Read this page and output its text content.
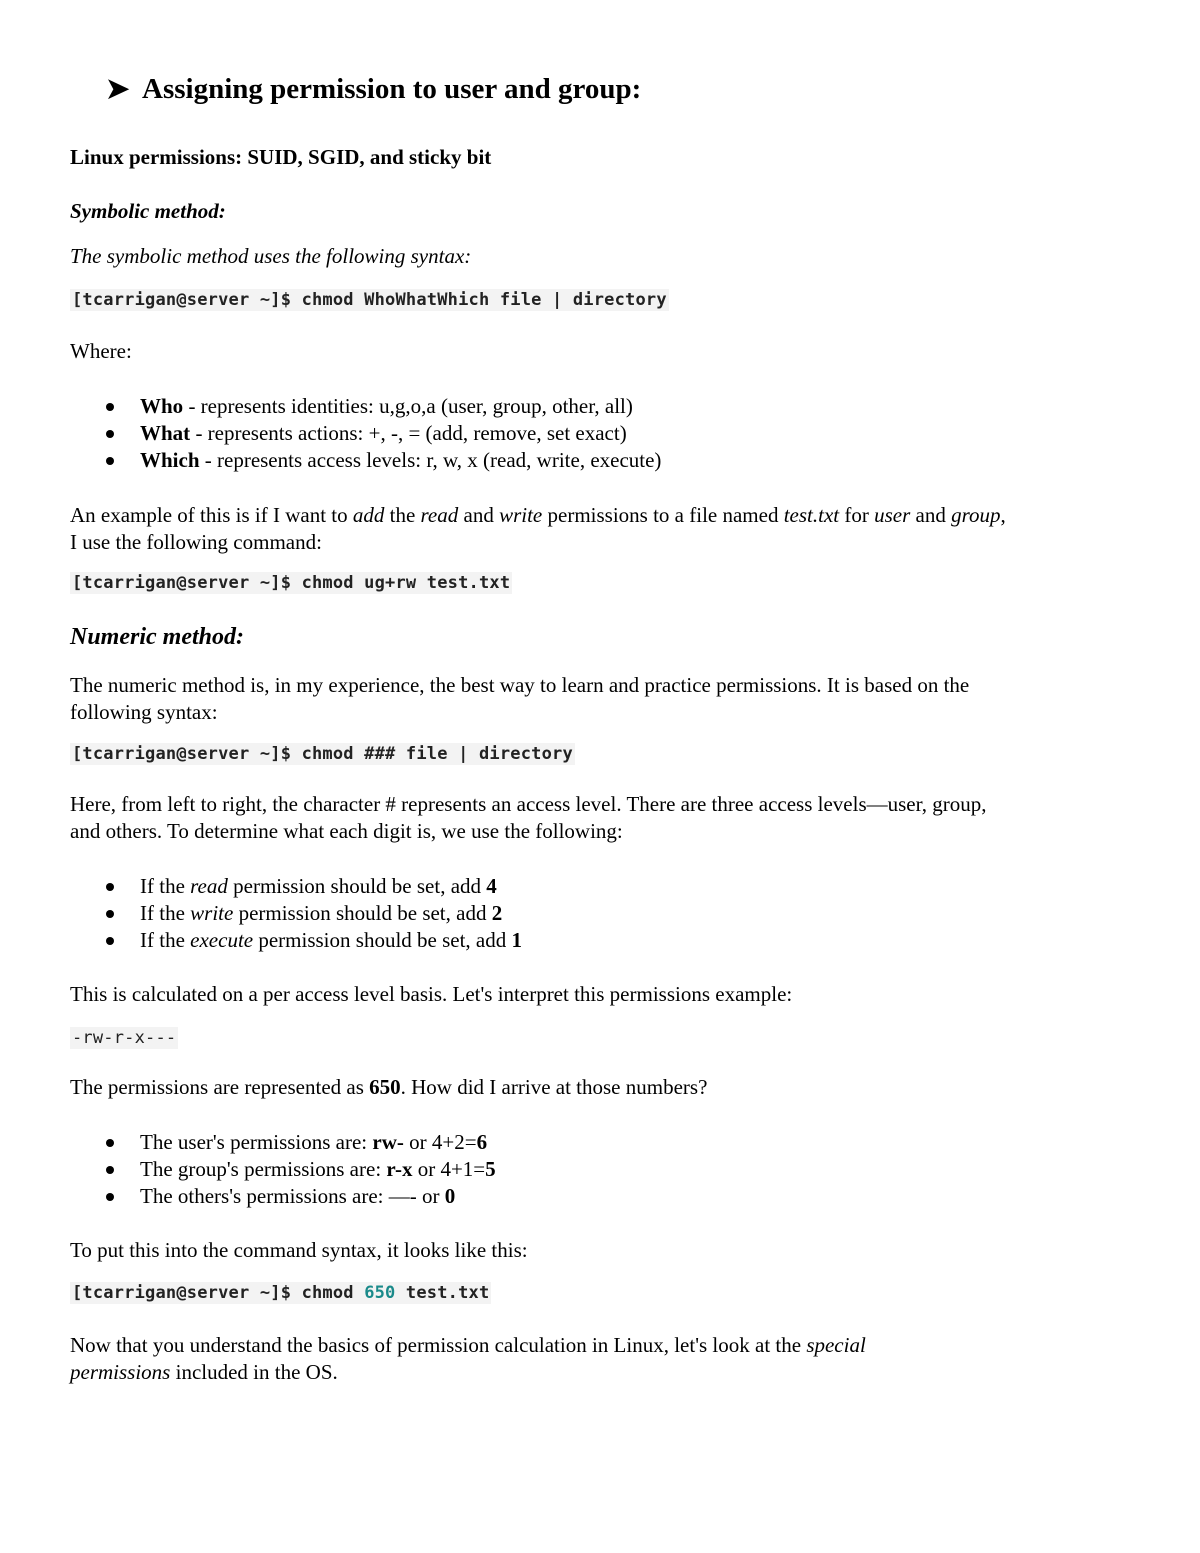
➤ Assigning permission to user and group:
Linux permissions: SUID, SGID, and sticky bit
Symbolic method:
The symbolic method uses the following syntax:
[tcarrigan@server ~]$ chmod WhoWhatWhich file | directory
Where:
Who - represents identities: u,g,o,a (user, group, other, all)
What - represents actions: +, -, = (add, remove, set exact)
Which - represents access levels: r, w, x (read, write, execute)
An example of this is if I want to add the read and write permissions to a file named test.txt for user and group,
I use the following command:
[tcarrigan@server ~]$ chmod ug+rw test.txt
Numeric method:
The numeric method is, in my experience, the best way to learn and practice permissions. It is based on the
following syntax:
[tcarrigan@server ~]$ chmod ### file | directory
Here, from left to right, the character # represents an access level. There are three access levels—user, group,
and others. To determine what each digit is, we use the following:
If the read permission should be set, add 4
If the write permission should be set, add 2
If the execute permission should be set, add 1
This is calculated on a per access level basis. Let's interpret this permissions example:
-rw-r-x---
The permissions are represented as 650. How did I arrive at those numbers?
The user's permissions are: rw- or 4+2=6
The group's permissions are: r-x or 4+1=5
The others's permissions are: —- or 0
To put this into the command syntax, it looks like this:
[tcarrigan@server ~]$ chmod 650 test.txt
Now that you understand the basics of permission calculation in Linux, let's look at the special
permissions included in the OS.
